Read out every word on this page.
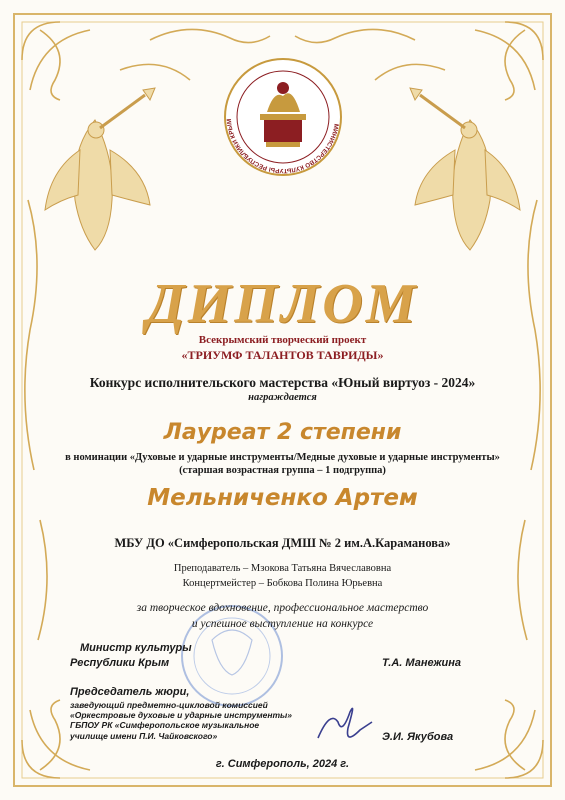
МИНИСТЕРСТВО КУЛЬТУРЫ РЕСПУБЛИКИ КРЫМ
ДИПЛОМ
Всекрымский творческий проект
«ТРИУМФ ТАЛАНТОВ ТАВРИДЫ»
Конкурс исполнительского мастерства «Юный виртуоз - 2024»
награждается
Лауреат 2 степени
в номинации «Духовые и ударные инструменты/Медные духовые и ударные инструменты»
(старшая возрастная группа – 1 подгруппа)
Мельниченко Артем
МБУ ДО «Симферопольская ДМШ № 2 им.А.Караманова»
Преподаватель – Мзокова Татьяна Вячеславовна
Концертмейстер – Бобкова Полина Юрьевна
за творческое вдохновение, профессиональное мастерство
и успешное выступление на конкурсе
Министр культуры
Республики Крым	Т.А. Манежина
Председатель жюри,
заведующий предметно-цикловой комиссией
«Оркестровые духовые и ударные инструменты»
ГБПОУ РК «Симферопольское музыкальное
училище имени П.И. Чайковского»	Э.И. Якубова
г. Симферополь, 2024 г.
